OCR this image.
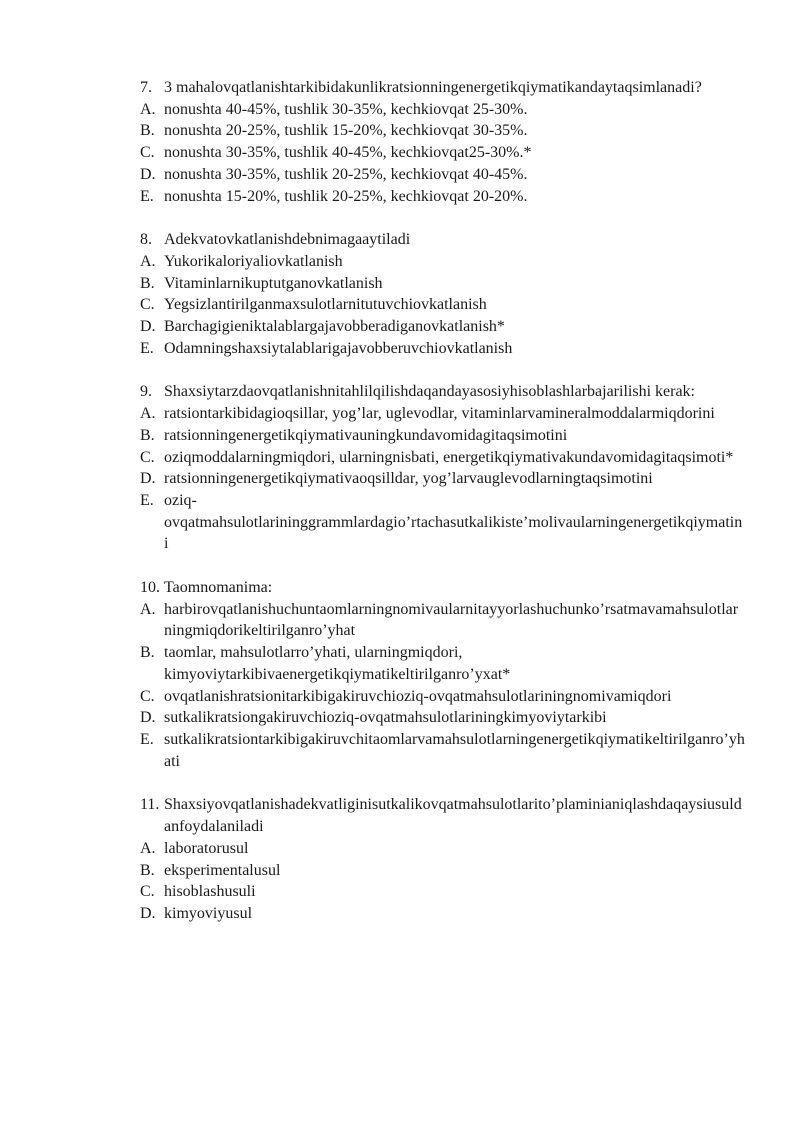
7. 3 mahalovqatlanishtarkibidakunlikratsionningenergetikqiymatikandaytaqsimlanadi?
A. nonushta 40-45%, tushlik 30-35%, kechkiovqat 25-30%.
B. nonushta 20-25%, tushlik 15-20%, kechkiovqat 30-35%.
C. nonushta 30-35%, tushlik 40-45%, kechkiovqat25-30%.*
D. nonushta 30-35%, tushlik 20-25%, kechkiovqat 40-45%.
E. nonushta 15-20%, tushlik 20-25%, kechkiovqat 20-20%.
8. Adekvatovkatlanishdebnimagaaytiladi
A. Yukorikaloriyaliovkatlanish
B. Vitaminlarnikuptutganovkatlanish
C. Yegsizlantirilganmaxsulotlarnitutuvchiovkatlanish
D. Barchagigieniktalablargajavobberadiganovkatlanish*
E. Odamningshaxsiytalablarigajavobberuvchiovkatlanish
9. Shaxsiytarzdaovqatlanishnitahlilqilishdaqandayasosiyhisoblashlarbajarilishi kerak:
A. ratsiontarkibidagioqsillar, yog’lar, uglevodlar, vitaminlarvamineralmoddalarmiqdorini
B. ratsionningenergetikqiymativauningkundavomidagitaqsimotini
C. oziqmoddalarningmiqdori, ularningnisbati, energetikqiymativakundavomidagitaqsimoti*
D. ratsionningenergetikqiymativaoqsilldar, yog’larvauglevodlarningtaqsimotini
E. oziq-ovqatmahsulotlarininggrammlardagio’rtachasutkalikiste’molivaularningenergetikqiymatini
10. Taomnomanima:
A. harbirovqatlanishuchuntaomlarningnomivaularnitayyorlashuchunko’rsatmavamahsulotlarningmiqdorikeltirilganro’yhat
B. taomlar, mahsulotlarro’yhati, ularningmiqdori, kimyoviytarkibivaenergetikqiymatikeltirilganro’yxat*
C. ovqatlanishratsionitarkibigakiruvchioziq-ovqatmahsulotlariningnomivamiqdori
D. sutkalikratsiongakiruvchioziq-ovqatmahsulotlariningkimyoviytarkibi
E. sutkalikratsiontarkibigakiruvchitaomlarvamahsulotlarningenergetikqiymatikeltirilganro’yhati
11. Shaxsiyovqatlanishadekvatliginisutkalikovqatmahsulotlarito’plaminianiqlashdaqaysiusuldanfoydalaniladi
A. laboratorusul
B. eksperimentalusul
C. hisoblashusuli
D. kimyoviyusul
